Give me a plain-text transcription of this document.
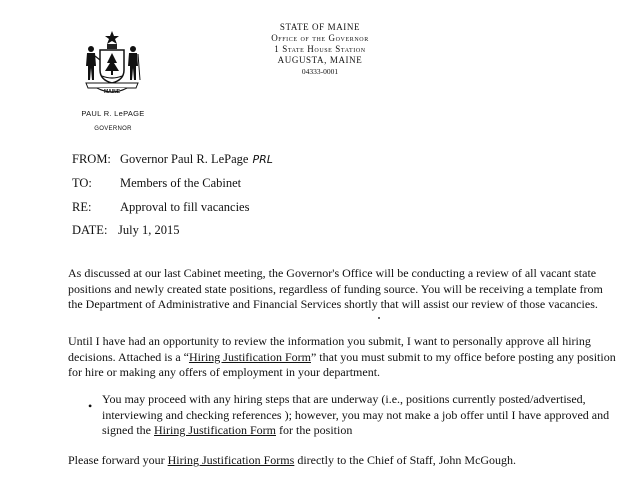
MAINE
PAUL R. LePAGE
GOVERNOR
STATE OF MAINE
Office of the Governor
1 State House Station
AUGUSTA, MAINE
04333-0001
FROM: Governor Paul R. LePage PRL
TO: Members of the Cabinet
RE: Approval to fill vacancies
DATE: July 1, 2015
As discussed at our last Cabinet meeting, the Governor's Office will be conducting a review of all vacant state positions and newly created state positions, regardless of funding source. You will be receiving a template from the Department of Administrative and Financial Services shortly that will assist our review of those vacancies.
Until I have had an opportunity to review the information you submit, I want to personally approve all hiring decisions. Attached is a “Hiring Justification Form” that you must submit to my office before posting any position for hire or making any offers of employment in your department.
• You may proceed with any hiring steps that are underway (i.e., positions currently posted/advertised, interviewing and checking references ); however, you may not make a job offer until I have approved and signed the Hiring Justification Form for the position
Please forward your Hiring Justification Forms directly to the Chief of Staff, John McGough.
